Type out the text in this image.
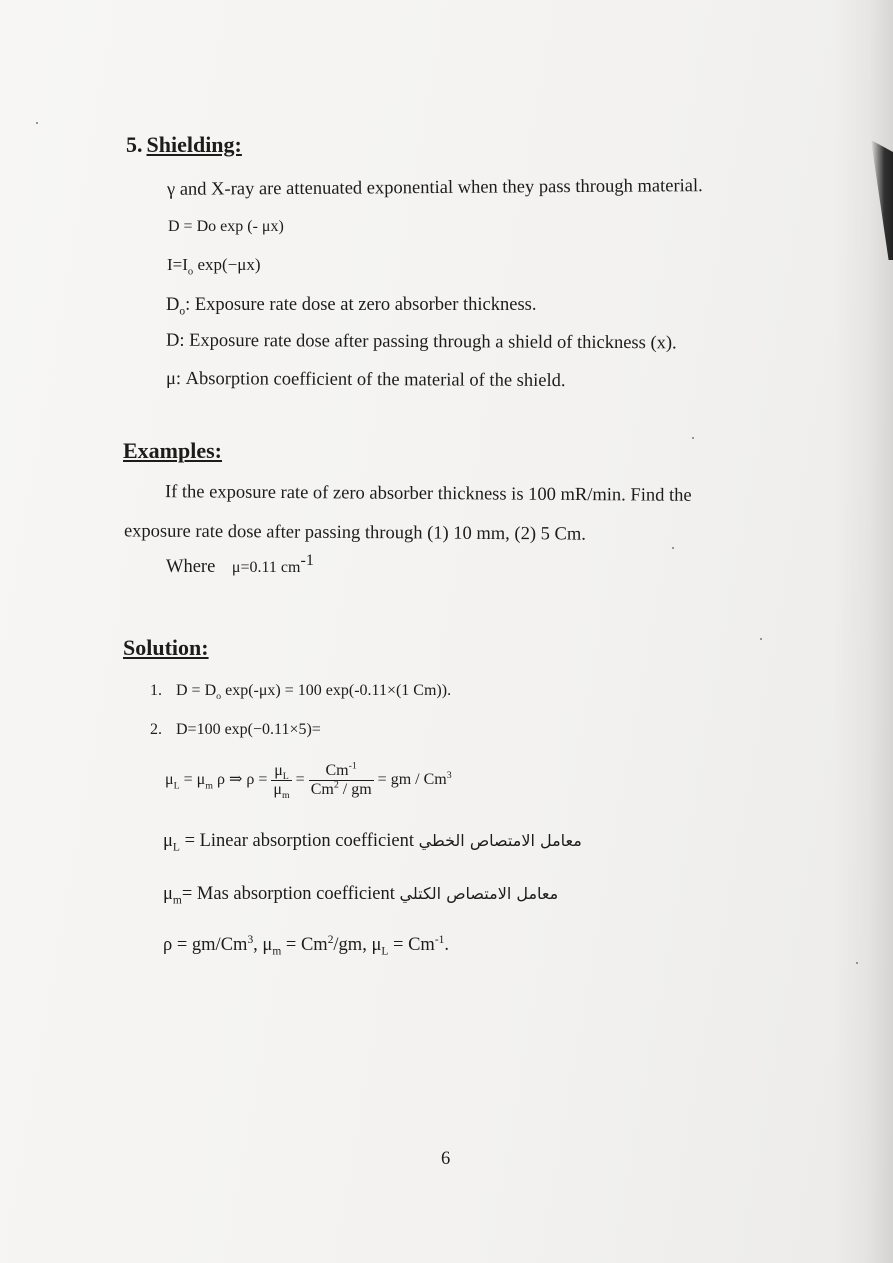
5. Shielding:
γ and X-ray are attenuated exponential when they pass through material.
D = Do exp (- μx)
$I=I_o$ exp(−μx)
$D_o$: Exposure rate dose at zero absorber thickness.
D: Exposure rate dose after passing through a shield of thickness (x).
μ: Absorption coefficient of the material of the shield.
Examples:
If the exposure rate of zero absorber thickness is 100 mR/min. Find the
exposure rate dose after passing through (1) 10 mm, (2) 5 Cm.
Where μ=0.11 $cm^{-1}$
Solution:
1. $D = D_o$ exp(-μx) = 100 exp(-0.11×(1 Cm)).
2. D=100 exp(−0.11×5)=
$\mu_L = \mu_m$ ρ ⇒ $\rho = \frac{\mu_L}{\mu_m} = \frac{Cm^{-1}}{Cm^2 / gm}$ = gm / Cm$^3$
$\mu_L$ = Linear absorption coefficient معامل الامتصاص الخطي
$\mu_m=$ Mas absorption coefficient معامل الامتصاص الكتلي
$\rho = gm/Cm^3$, $\mu_m = Cm^2/gm$, $\mu_L = Cm^{-1}$.
6
